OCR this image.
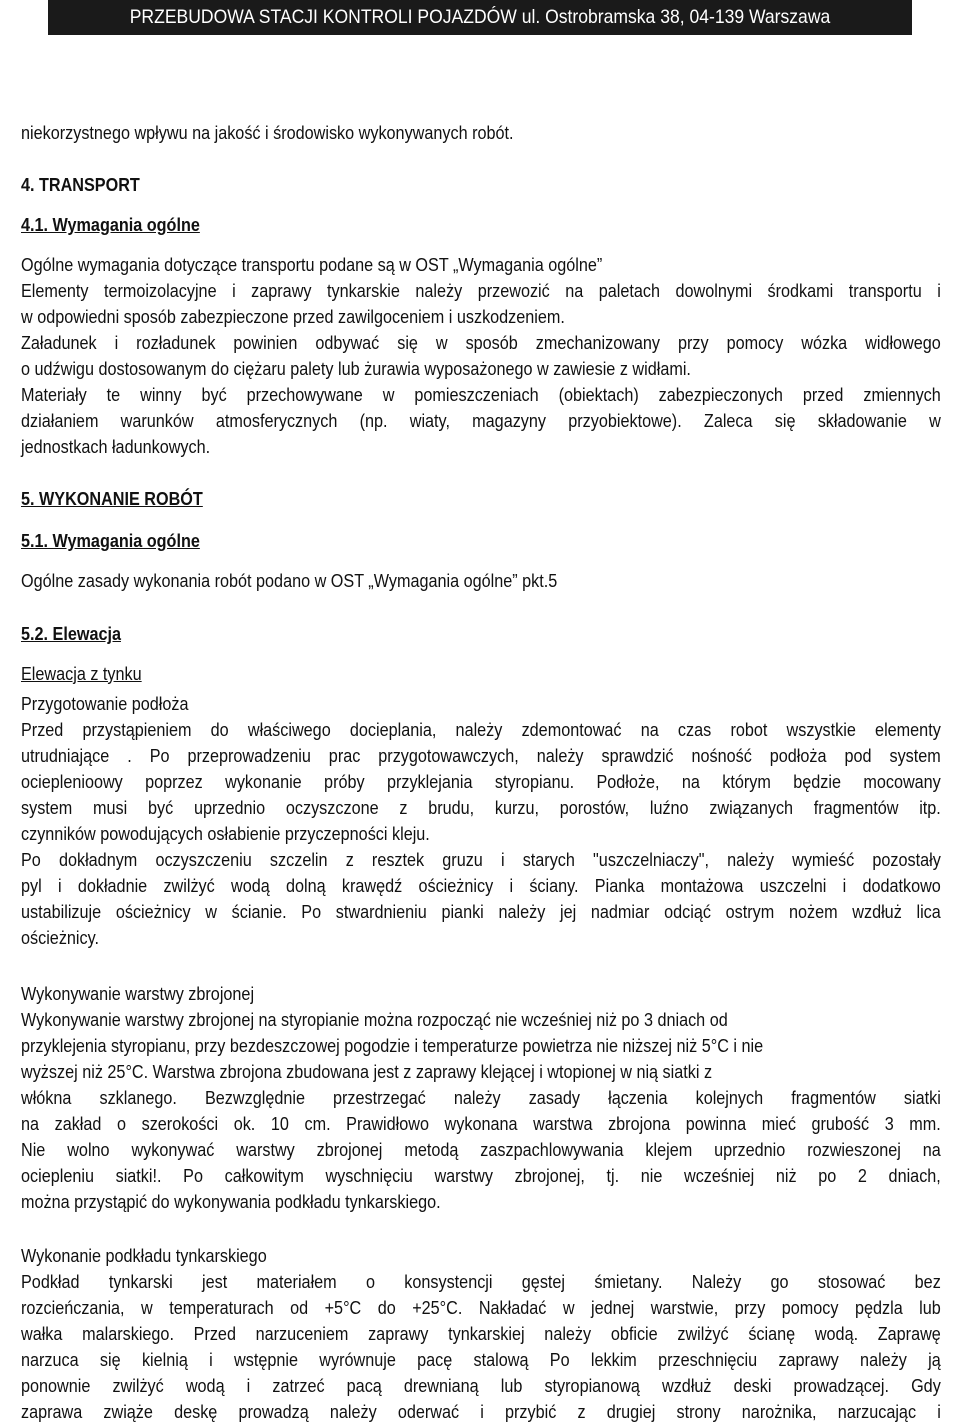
PRZEBUDOWA STACJI KONTROLI POJAZDÓW ul. Ostrobramska 38, 04-139 Warszawa
niekorzystnego wpływu na jakość i środowisko wykonywanych robót.
4. TRANSPORT
4.1. Wymagania ogólne
Ogólne wymagania dotyczące transportu podane są w OST „Wymagania ogólne”
Elementy termoizolacyjne i zaprawy tynkarskie należy przewozić na paletach dowolnymi środkami transportu i
w odpowiedni sposób zabezpieczone przed zawilgoceniem i uszkodzeniem.
Załadunek i rozładunek powinien odbywać się w sposób zmechanizowany przy pomocy wózka widłowego
o udźwigu dostosowanym do ciężaru palety lub żurawia wyposażonego w zawiesie z widłami.
Materiały te winny być przechowywane w pomieszczeniach (obiektach) zabezpieczonych przed zmiennych
działaniem warunków atmosferycznych (np. wiaty, magazyny przyobiektowe). Zaleca się składowanie w
jednostkach ładunkowych.
5. WYKONANIE ROBÓT
5.1. Wymagania ogólne
Ogólne zasady wykonania robót podano w OST „Wymagania ogólne” pkt.5
5.2. Elewacja
Elewacja z tynku
Przygotowanie podłoża
Przed przystąpieniem do właściwego docieplania, należy zdemontować na czas robot wszystkie elementy
utrudniające . Po przeprowadzeniu prac przygotowawczych, należy sprawdzić nośność podłoża pod system
ocieplenioowy poprzez wykonanie próby przyklejania styropianu. Podłoże, na którym będzie mocowany
system musi być uprzednio oczyszczone z brudu, kurzu, porostów, luźno związanych fragmentów itp.
czynników powodujących osłabienie przyczepności kleju.
Po dokładnym oczyszczeniu szczelin z resztek gruzu i starych "uszczelniaczy", należy wymieść pozostały
pyl i dokładnie zwilżyć wodą dolną krawędź ościeżnicy i ściany. Pianka montażowa uszczelni i dodatkowo
ustabilizuje ościeżnicy w ścianie. Po stwardnieniu pianki należy jej nadmiar odciąć ostrym nożem wzdłuż lica
ościeżnicy.
Wykonywanie warstwy zbrojonej
Wykonywanie warstwy zbrojonej na styropianie można rozpocząć nie wcześniej niż po 3 dniach od
przyklejenia styropianu, przy bezdeszczowej pogodzie i temperaturze powietrza nie niższej niż 5°C i nie
wyższej niż 25°C. Warstwa zbrojona zbudowana jest z zaprawy klejącej i wtopionej w nią siatki z
włókna szklanego. Bezwzględnie przestrzegać należy zasady łączenia kolejnych fragmentów siatki
na zakład o szerokości ok. 10 cm. Prawidłowo wykonana warstwa zbrojona powinna mieć grubość 3 mm.
Nie wolno wykonywać warstwy zbrojonej metodą zaszpachlowywania klejem uprzednio rozwieszonej na
ociepleniu siatki!. Po całkowitym wyschnięciu warstwy zbrojonej, tj. nie wcześniej niż po 2 dniach,
można przystąpić do wykonywania podkładu tynkarskiego.
Wykonanie podkładu tynkarskiego
Podkład tynkarski jest materiałem o konsystencji gęstej śmietany. Należy go stosować bez
rozcieńczania, w temperaturach od +5°C do +25°C. Nakładać w jednej warstwie, przy pomocy pędzla lub
wałka malarskiego. Przed narzuceniem zaprawy tynkarskiej należy obficie zwilżyć ścianę wodą. Zaprawę
narzuca się kielnią i wstępnie wyrównuje pacę stalową Po lekkim przeschnięciu zaprawy należy ją
ponownie zwilżyć wodą i zatrzeć pacą drewnianą lub styropianową wzdłuż deski prowadzącej. Gdy
zaprawa zwiąże deskę prowadzą należy oderwać i przybić z drugiej strony narożnika, narzucając i
